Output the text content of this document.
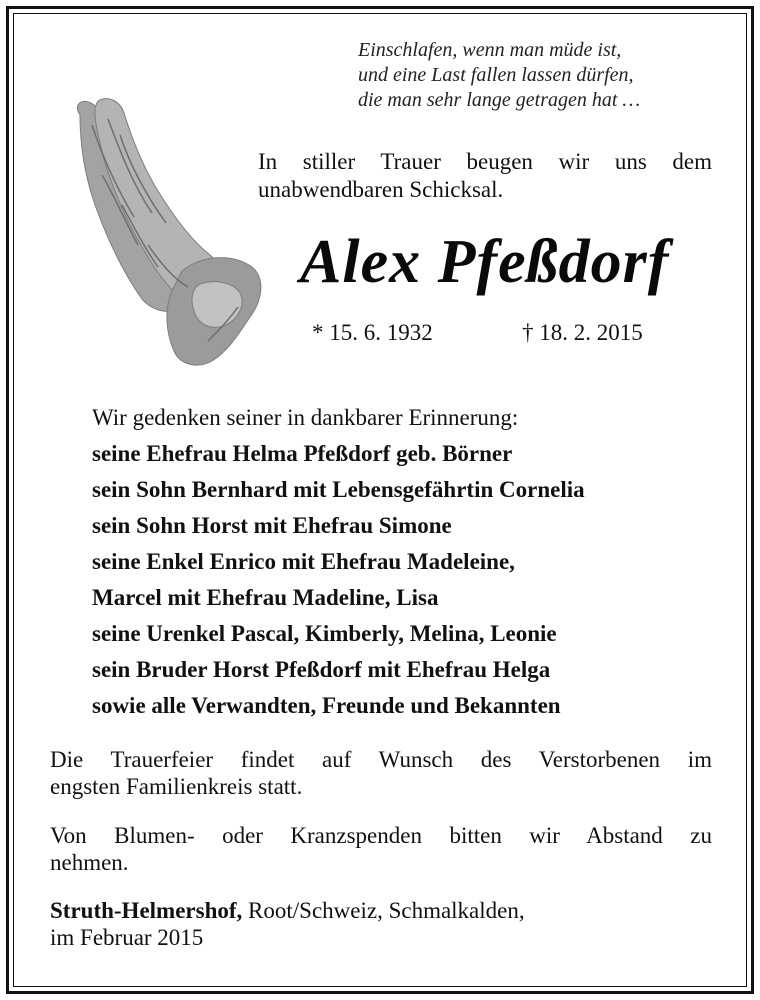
Einschlafen, wenn man müde ist,
und eine Last fallen lassen dürfen,
die man sehr lange getragen hat …
In stiller Trauer beugen wir uns dem
unabwendbaren Schicksal.
Alex Pfeßdorf
* 15. 6. 1932	† 18. 2. 2015
Wir gedenken seiner in dankbarer Erinnerung:
seine Ehefrau Helma Pfeßdorf geb. Börner
sein Sohn Bernhard mit Lebensgefährtin Cornelia
sein Sohn Horst mit Ehefrau Simone
seine Enkel Enrico mit Ehefrau Madeleine,
Marcel mit Ehefrau Madeline, Lisa
seine Urenkel Pascal, Kimberly, Melina, Leonie
sein Bruder Horst Pfeßdorf mit Ehefrau Helga
sowie alle Verwandten, Freunde und Bekannten
Die Trauerfeier findet auf Wunsch des Verstorbenen im
engsten Familienkreis statt.
Von Blumen- oder Kranzspenden bitten wir Abstand zu
nehmen.
Struth-Helmershof, Root/Schweiz, Schmalkalden,
im Februar 2015
